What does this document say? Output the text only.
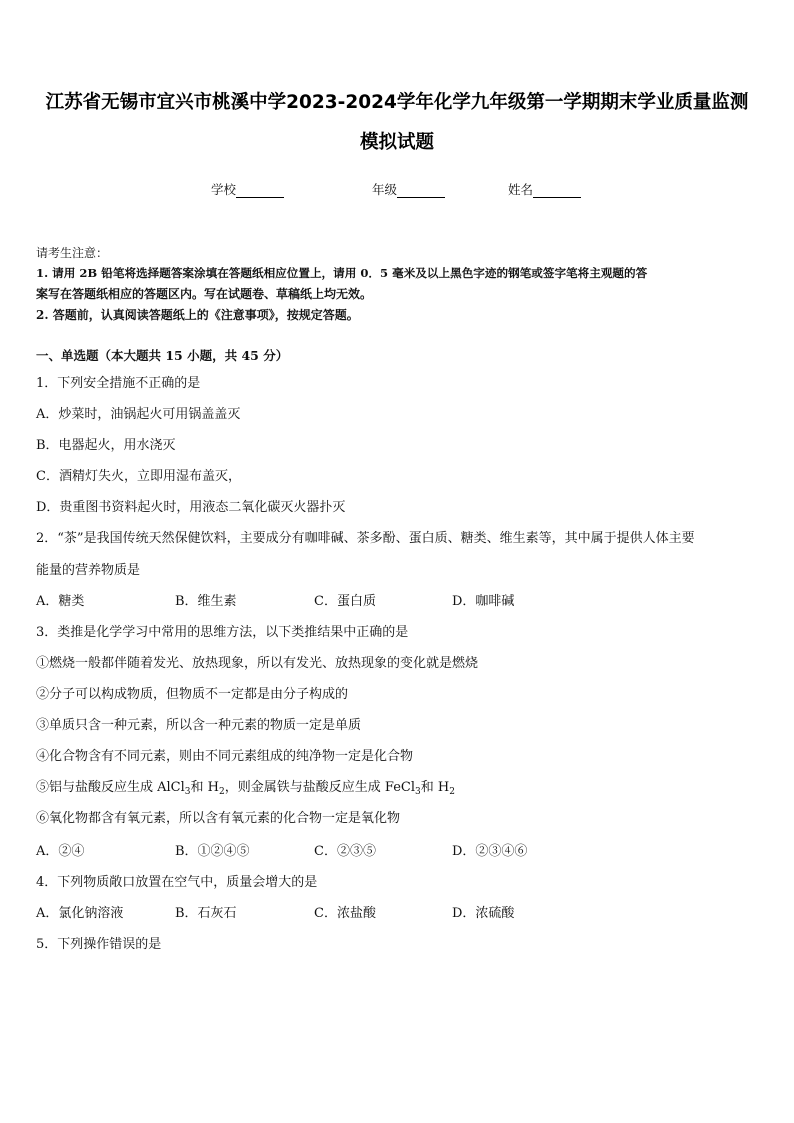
江苏省无锡市宜兴市桃溪中学2023-2024学年化学九年级第一学期期末学业质量监测
模拟试题
学校	年级	姓名
请考生注意：
1. 请用 2B 铅笔将选择题答案涂填在答题纸相应位置上，请用 0．5 毫米及以上黑色字迹的钢笔或签字笔将主观题的答
案写在答题纸相应的答题区内。写在试题卷、草稿纸上均无效。
2. 答题前，认真阅读答题纸上的《注意事项》，按规定答题。
一、单选题（本大题共 15 小题，共 45 分）
1．下列安全措施不正确的是
A．炒菜时，油锅起火可用锅盖盖灭
B．电器起火，用水浇灭
C．酒精灯失火，立即用湿布盖灭，
D．贵重图书资料起火时，用液态二氧化碳灭火器扑灭
2．“茶”是我国传统天然保健饮料，主要成分有咖啡碱、茶多酚、蛋白质、糖类、维生素等，其中属于提供人体主要
能量的营养物质是
A．糖类	B．维生素	C．蛋白质	D．咖啡碱
3．类推是化学学习中常用的思维方法，以下类推结果中正确的是
①燃烧一般都伴随着发光、放热现象，所以有发光、放热现象的变化就是燃烧
②分子可以构成物质，但物质不一定都是由分子构成的
③单质只含一种元素，所以含一种元素的物质一定是单质
④化合物含有不同元素，则由不同元素组成的纯净物一定是化合物
⑤铝与盐酸反应生成 AlCl$_3$和 $H_2$，则金属铁与盐酸反应生成 FeCl$_3$和 $H_2$
⑥氧化物都含有氧元素，所以含有氧元素的化合物一定是氧化物
A．②④	B．①②④⑤	C．②③⑤	D．②③④⑥
4．下列物质敞口放置在空气中，质量会增大的是
A．氯化钠溶液	B．石灰石	C．浓盐酸	D．浓硫酸
5．下列操作错误的是
